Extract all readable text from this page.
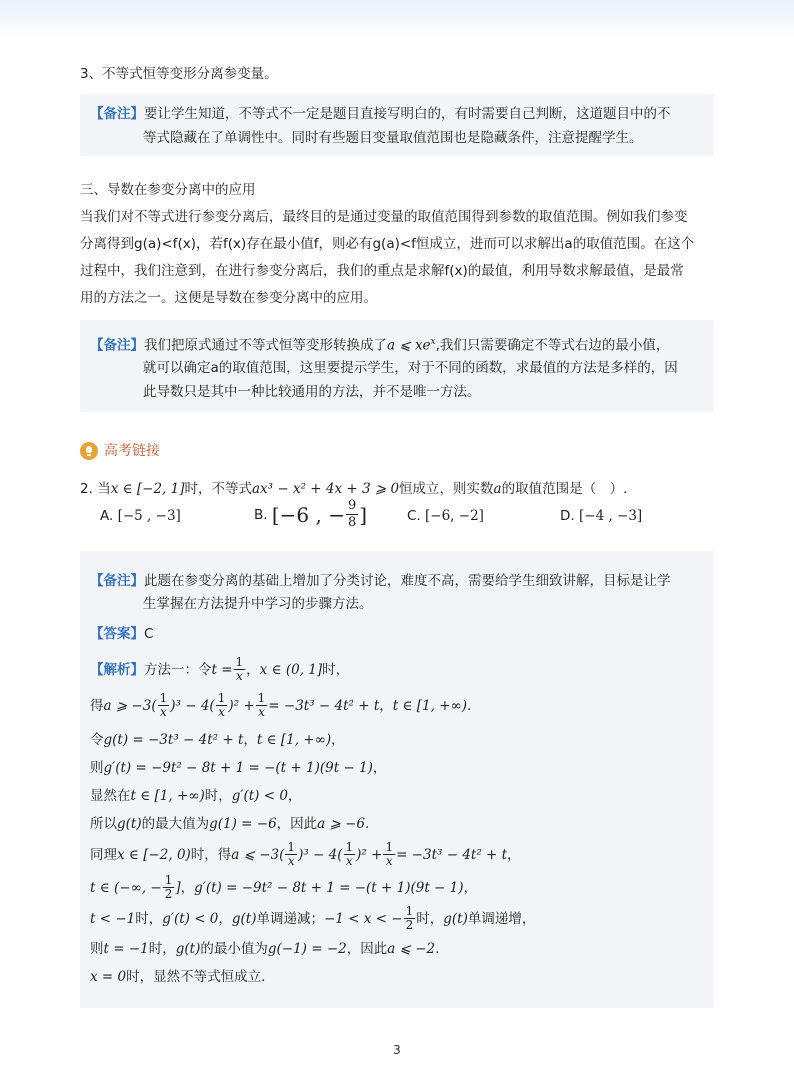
3、不等式恒等变形分离参变量。
【备注】要让学生知道，不等式不一定是题目直接写明白的，有时需要自己判断，这道题目中的不
等式隐藏在了单调性中。同时有些题目变量取值范围也是隐藏条件，注意提醒学生。
三、导数在参变分离中的应用
当我们对不等式进行参变分离后，最终目的是通过变量的取值范围得到参数的取值范围。例如我们参变
分离得到g(a)<f(x)，若f(x)存在最小值f，则必有g(a)<f恒成立，进而可以求解出a的取值范围。在这个
过程中，我们注意到，在进行参变分离后，我们的重点是求解f(x)的最值，利用导数求解最值，是最常
用的方法之一。这便是导数在参变分离中的应用。
【备注】我们把原式通过不等式恒等变形转换成了a ⩽ $xe^x$,我们只需要确定不等式右边的最小值，
就可以确定a的取值范围，这里要提示学生，对于不同的函数，求最值的方法是多样的，因
此导数只是其中一种比较通用的方法，并不是唯一方法。
高考链接
2. 当x ∈ [−2, 1]时，不等式ax³ − x² + 4x + 3 ⩾ 0恒成立，则实数a的取值范围是（　）.
A. [−5 , −3]	B.
[−6 , − $\frac{9}{8}$ ]	C. [−6, −2]	D. [−4 , −3]
【备注】此题在参变分离的基础上增加了分类讨论，难度不高，需要给学生细致讲解，目标是让学
生掌握在方法提升中学习的步骤方法。
【答案】C
【解析】 方法一：令 $t = \frac{1}{x}$ ， x ∈ (0, 1] 时，
得 a ⩾ $-3( \frac{1}{x} )^3 - 4( \frac{1}{x} )^2 + \frac{1}{x} = -3t^3 - 4t^2 + t$ ， t ∈ [1, +∞) .
令g(t) = −3t³ − 4t² + t，t ∈ [1, +∞)，
则g′(t) = −9t² − 8t + 1 = −(t + 1)(9t − 1)，
显然在t ∈ [1, +∞)时，g′(t) < 0，
所以g(t)的最大值为g(1) = −6，因此a ⩾ −6.
同理 x ∈ [−2, 0) 时，得 a ⩽ $-3( \frac{1}{x} )^3 - 4( \frac{1}{x} )^2 + \frac{1}{x} = -3t^3 - 4t^2 + t$ ，
t ∈ (−∞, − $\frac{1}{2}$ ] ， g′(t) = −9t² − 8t + 1 = −(t + 1)(9t − 1) ，
t < −1 时， g′(t) < 0 ， g(t) 单调递减； −1 < x < − $\frac{1}{2}$ 时， g(t) 单调递增，
则t = −1时，g(t)的最小值为g(−1) = −2，因此a ⩽ −2.
x = 0时，显然不等式恒成立．
3
